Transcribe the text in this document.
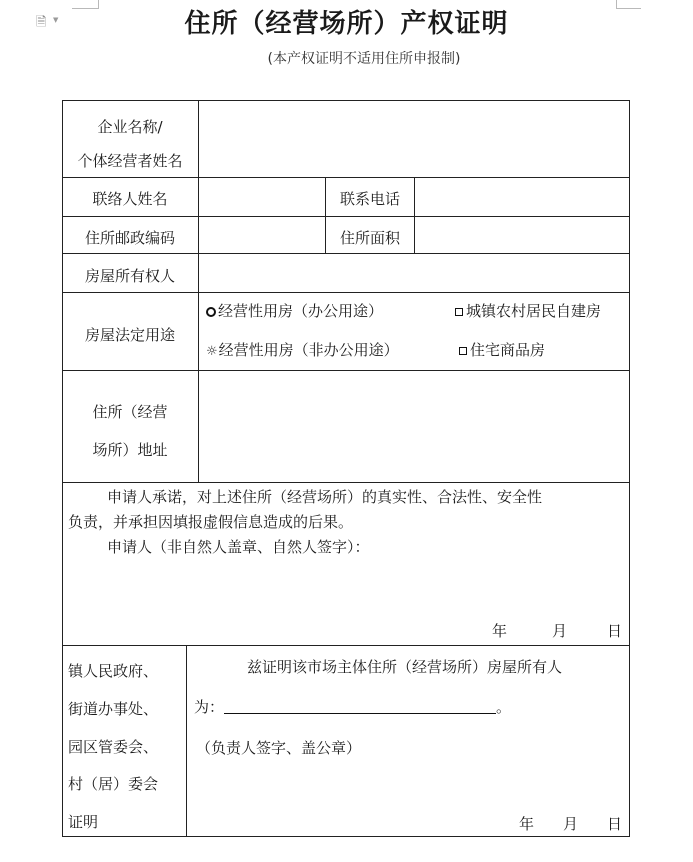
🗎 ▼	住所（经营场所）产权证明
(本产权证明不适用住所申报制)
企业名称/
个体经营者姓名
联络人姓名	联系电话
住所邮政编码	住所面积
房屋所有权人
房屋法定用途
经营性用房（办公用途）	城镇农村居民自建房
☼经营性用房（非办公用途）	住宅商品房
住所（经营
场所）地址
申请人承诺，对上述住所（经营场所）的真实性、合法性、安全性
负责，并承担因填报虚假信息造成的后果。
申请人（非自然人盖章、自然人签字）：
年	月	日
镇人民政府、
街道办事处、
园区管委会、
村（居）委会
证明
兹证明该市场主体住所（经营场所）房屋所有人
为：	。
（负责人签字、盖公章）
年 月 日
